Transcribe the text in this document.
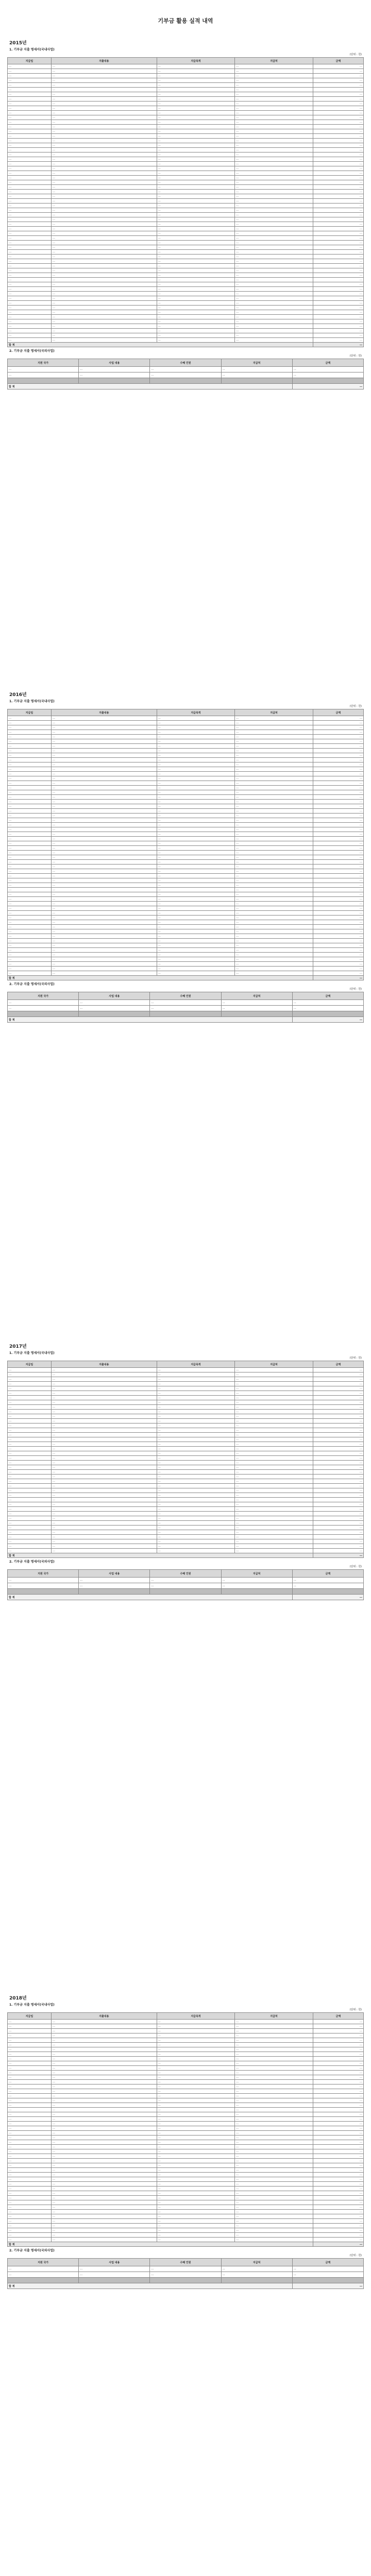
기부금 활용 실적 내역
2015년
1. 기부금 지출 명세서(국내사업)
(단위 : 원)
지급일	지출내용	지급목적	지급처	금액
…	…	…	…	…
…	…	…	…	…
…	…	…	…	…
…	…	…	…	…
…	…	…	…	…
…	…	…	…	…
…	…	…	…	…
…	…	…	…	…
…	…	…	…	…
…	…	…	…	…
…	…	…	…	…
…	…	…	…	…
…	…	…	…	…
…	…	…	…	…
…	…	…	…	…
…	…	…	…	…
…	…	…	…	…
…	…	…	…	…
…	…	…	…	…
…	…	…	…	…
…	…	…	…	…
…	…	…	…	…
…	…	…	…	…
…	…	…	…	…
…	…	…	…	…
…	…	…	…	…
…	…	…	…	…
…	…	…	…	…
…	…	…	…	…
…	…	…	…	…
…	…	…	…	…
…	…	…	…	…
…	…	…	…	…
…	…	…	…	…
…	…	…	…	…
…	…	…	…	…
…	…	…	…	…
…	…	…	…	…
…	…	…	…	…
…	…	…	…	…
…	…	…	…	…
…	…	…	…	…
…	…	…	…	…
…	…	…	…	…
…	…	…	…	…
…	…	…	…	…
…	…	…	…	…
…	…	…	…	…
…	…	…	…	…
…	…	…	…	…
…	…	…	…	…
…	…	…	…	…
…	…	…	…	…
…	…	…	…	…
…	…	…	…	…
…	…	…	…	…
…	…	…	…	…
…	…	…	…	…
…	…	…	…	…
…	…	…	…	…
합 계				…
2. 기부금 지출 명세서(국외사업)
(단위 : 원)
지원 국가	사업 내용	수혜 인원	지급처	금액
…	…	…	…	…
…	…	…	…	…

합 계				…
2016년
1. 기부금 지출 명세서(국내사업)
(단위 : 원)
지급일	지출내용	지급목적	지급처	금액
…	…	…	…	…
…	…	…	…	…
…	…	…	…	…
…	…	…	…	…
…	…	…	…	…
…	…	…	…	…
…	…	…	…	…
…	…	…	…	…
…	…	…	…	…
…	…	…	…	…
…	…	…	…	…
…	…	…	…	…
…	…	…	…	…
…	…	…	…	…
…	…	…	…	…
…	…	…	…	…
…	…	…	…	…
…	…	…	…	…
…	…	…	…	…
…	…	…	…	…
…	…	…	…	…
…	…	…	…	…
…	…	…	…	…
…	…	…	…	…
…	…	…	…	…
…	…	…	…	…
…	…	…	…	…
…	…	…	…	…
…	…	…	…	…
…	…	…	…	…
…	…	…	…	…
…	…	…	…	…
…	…	…	…	…
…	…	…	…	…
…	…	…	…	…
…	…	…	…	…
…	…	…	…	…
…	…	…	…	…
…	…	…	…	…
…	…	…	…	…
…	…	…	…	…
…	…	…	…	…
…	…	…	…	…
…	…	…	…	…
…	…	…	…	…
…	…	…	…	…
…	…	…	…	…
…	…	…	…	…
…	…	…	…	…
…	…	…	…	…
…	…	…	…	…
…	…	…	…	…
…	…	…	…	…
…	…	…	…	…
…	…	…	…	…
…	…	…	…	…
합 계				…
2. 기부금 지출 명세서(국외사업)
(단위 : 원)
지원 국가	사업 내용	수혜 인원	지급처	금액
…	…	…	…	…
…	…	…	…	…

합 계				…
2017년
1. 기부금 지출 명세서(국내사업)
(단위 : 원)
지급일	지출내용	지급목적	지급처	금액
…	…	…	…	…
…	…	…	…	…
…	…	…	…	…
…	…	…	…	…
…	…	…	…	…
…	…	…	…	…
…	…	…	…	…
…	…	…	…	…
…	…	…	…	…
…	…	…	…	…
…	…	…	…	…
…	…	…	…	…
…	…	…	…	…
…	…	…	…	…
…	…	…	…	…
…	…	…	…	…
…	…	…	…	…
…	…	…	…	…
…	…	…	…	…
…	…	…	…	…
…	…	…	…	…
…	…	…	…	…
…	…	…	…	…
…	…	…	…	…
…	…	…	…	…
…	…	…	…	…
…	…	…	…	…
…	…	…	…	…
…	…	…	…	…
…	…	…	…	…
…	…	…	…	…
…	…	…	…	…
…	…	…	…	…
…	…	…	…	…
…	…	…	…	…
…	…	…	…	…
…	…	…	…	…
…	…	…	…	…
…	…	…	…	…
…	…	…	…	…
합 계				…
2. 기부금 지출 명세서(국외사업)
(단위 : 원)
지원 국가	사업 내용	수혜 인원	지급처	금액
…	…	…	…	…
…	…	…	…	…

합 계				…
2018년
1. 기부금 지출 명세서(국내사업)
(단위 : 원)
지급일	지출내용	지급목적	지급처	금액
…	…	…	…	…
…	…	…	…	…
…	…	…	…	…
…	…	…	…	…
…	…	…	…	…
…	…	…	…	…
…	…	…	…	…
…	…	…	…	…
…	…	…	…	…
…	…	…	…	…
…	…	…	…	…
…	…	…	…	…
…	…	…	…	…
…	…	…	…	…
…	…	…	…	…
…	…	…	…	…
…	…	…	…	…
…	…	…	…	…
…	…	…	…	…
…	…	…	…	…
…	…	…	…	…
…	…	…	…	…
…	…	…	…	…
…	…	…	…	…
…	…	…	…	…
…	…	…	…	…
…	…	…	…	…
…	…	…	…	…
…	…	…	…	…
…	…	…	…	…
…	…	…	…	…
…	…	…	…	…
…	…	…	…	…
…	…	…	…	…
…	…	…	…	…
…	…	…	…	…
…	…	…	…	…
…	…	…	…	…
…	…	…	…	…
…	…	…	…	…
…	…	…	…	…
…	…	…	…	…
…	…	…	…	…
…	…	…	…	…
…	…	…	…	…
…	…	…	…	…
…	…	…	…	…
…	…	…	…	…
합 계				…
2. 기부금 지출 명세서(국외사업)
(단위 : 원)
지원 국가	사업 내용	수혜 인원	지급처	금액
…	…	…	…	…
…	…	…	…	…

합 계				…
